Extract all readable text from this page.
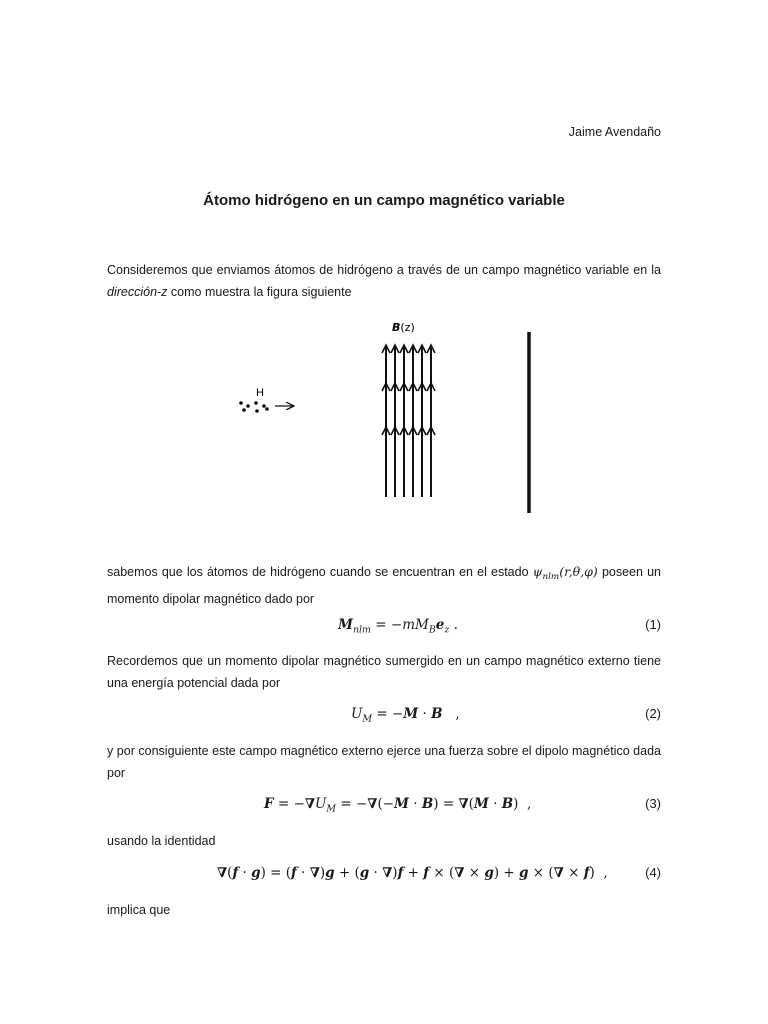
Jaime Avendaño
Átomo hidrógeno en un campo magnético variable
Consideremos que enviamos átomos de hidrógeno a través de un campo magnético variable en la dirección-z como muestra la figura siguiente
B(z)
H
sabemos que los átomos de hidrógeno cuando se encuentran en el estado $\psi_{nlm}(r,\theta,\varphi)$ poseen un momento dipolar magnético dado por
$M_{nlm} = -mM_Be_z$ .	(1)
Recordemos que un momento dipolar magnético sumergido en un campo magnético externo tiene una energía potencial dada por
$U_M = -M \cdot B$   ,	(2)
y por consiguiente este campo magnético externo ejerce una fuerza sobre el dipolo magnético dada por
$F = -\nabla U_M = -\nabla(-M \cdot B) = \nabla(M \cdot B)$  ,	(3)
usando la identidad
∇(f · g) = (f · ∇)g + (g · ∇)f + f × (∇ × g) + g × (∇ × f)  ,	(4)
implica que
